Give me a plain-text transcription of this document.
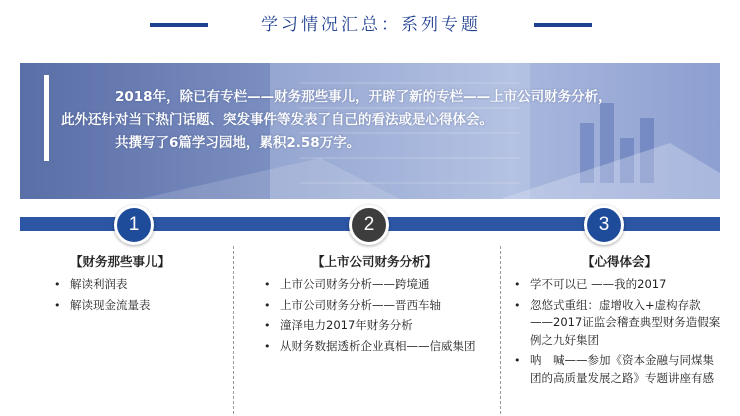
学习情况汇总：系列专题
2018年，除已有专栏——财务那些事儿，开辟了新的专栏——上市公司财务分析，
此外还针对当下热门话题、突发事件等发表了自己的看法或是心得体会。
共撰写了6篇学习园地，累积2.58万字。
1	2	3
【财务那些事儿】
• 解读利润表
• 解读现金流量表
【上市公司财务分析】
• 上市公司财务分析——跨境通
• 上市公司财务分析——晋西车轴
• 潼泽电力2017年财务分析
• 从财务数据透析企业真相——信威集团
【心得体会】
• 学不可以已 ——我的2017
• 忽悠式重组：虚增收入+虚构存款——2017证监会稽查典型财务造假案例之九好集团
• 呐　喊——参加《资本金融与同煤集团的高质量发展之路》专题讲座有感
